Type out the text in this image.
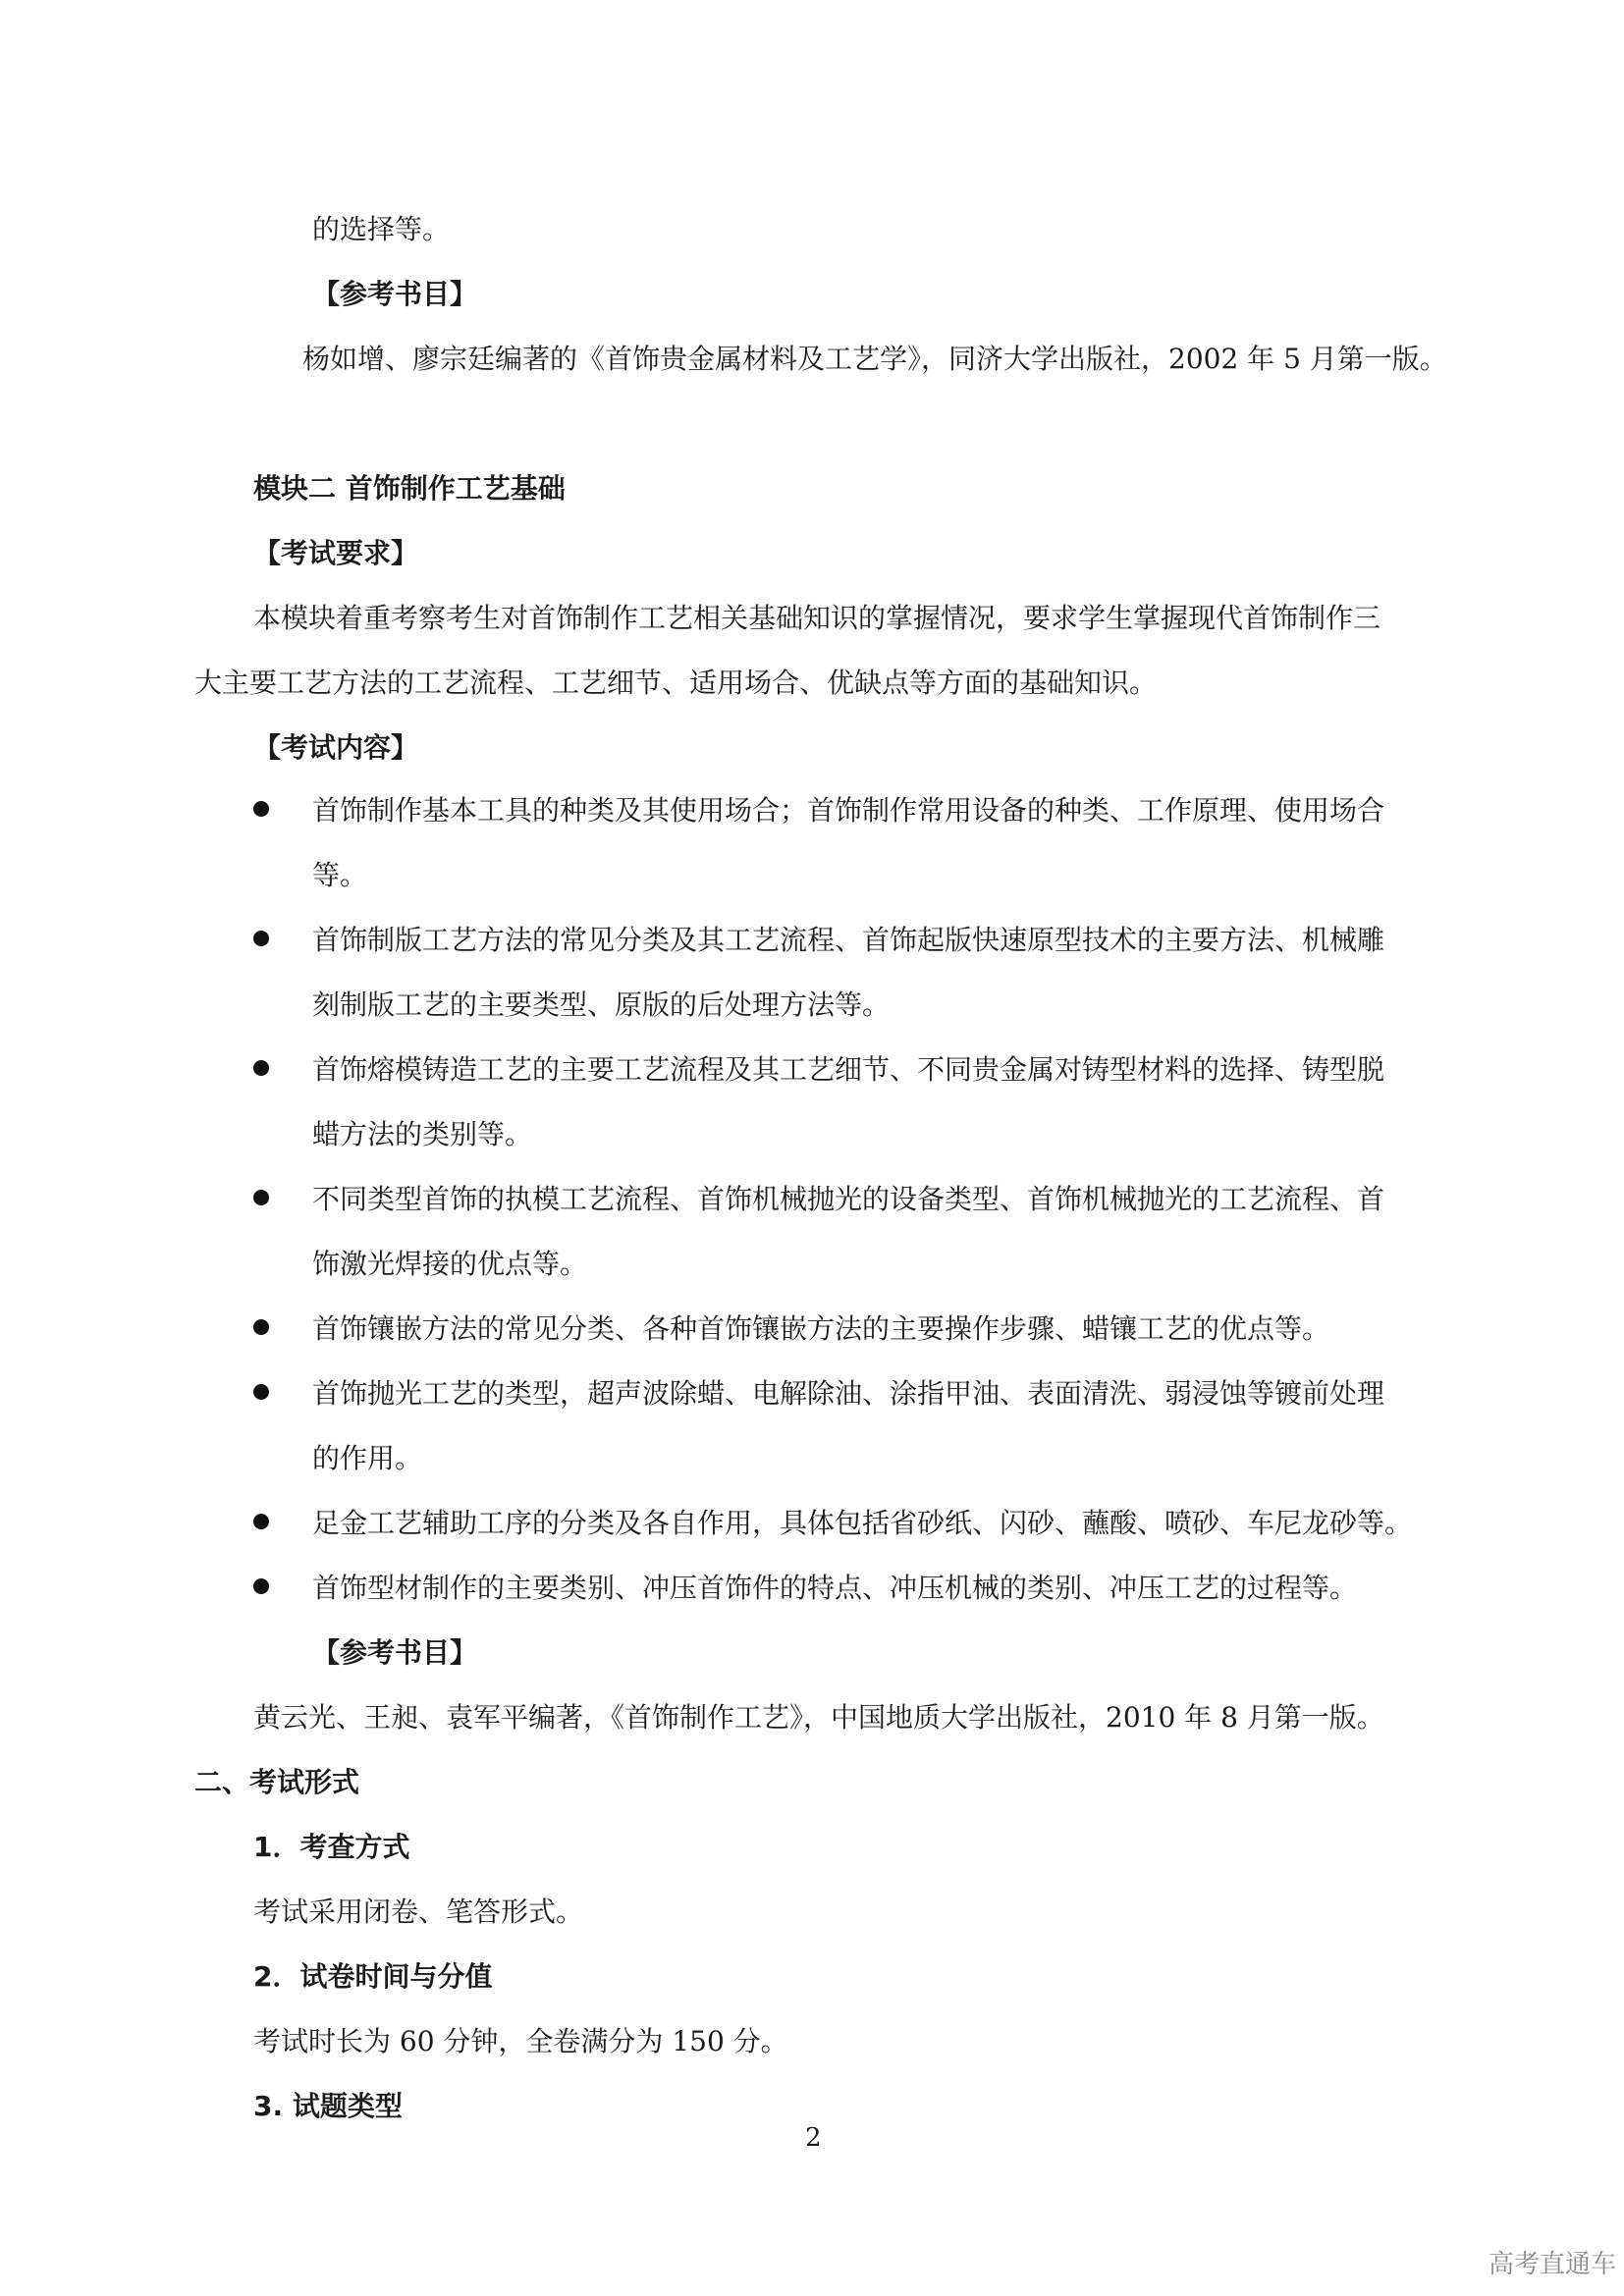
的选择等。
【参考书目】
杨如增、廖宗廷编著的《首饰贵金属材料及工艺学》，同济大学出版社，2002 年 5 月第一版。
模块二 首饰制作工艺基础
【考试要求】
本模块着重考察考生对首饰制作工艺相关基础知识的掌握情况，要求学生掌握现代首饰制作三
大主要工艺方法的工艺流程、工艺细节、适用场合、优缺点等方面的基础知识。
【考试内容】
首饰制作基本工具的种类及其使用场合；首饰制作常用设备的种类、工作原理、使用场合
等。
首饰制版工艺方法的常见分类及其工艺流程、首饰起版快速原型技术的主要方法、机械雕
刻制版工艺的主要类型、原版的后处理方法等。
首饰熔模铸造工艺的主要工艺流程及其工艺细节、不同贵金属对铸型材料的选择、铸型脱
蜡方法的类别等。
不同类型首饰的执模工艺流程、首饰机械抛光的设备类型、首饰机械抛光的工艺流程、首
饰激光焊接的优点等。
首饰镶嵌方法的常见分类、各种首饰镶嵌方法的主要操作步骤、蜡镶工艺的优点等。
首饰抛光工艺的类型，超声波除蜡、电解除油、涂指甲油、表面清洗、弱浸蚀等镀前处理
的作用。
足金工艺辅助工序的分类及各自作用，具体包括省砂纸、闪砂、蘸酸、喷砂、车尼龙砂等。
首饰型材制作的主要类别、冲压首饰件的特点、冲压机械的类别、冲压工艺的过程等。
【参考书目】
黄云光、王昶、袁军平编著，《首饰制作工艺》，中国地质大学出版社，2010 年 8 月第一版。
二、考试形式
1．考查方式
考试采用闭卷、笔答形式。
2．试卷时间与分值
考试时长为 60 分钟，全卷满分为 150 分。
3. 试题类型
2
高考直通车
